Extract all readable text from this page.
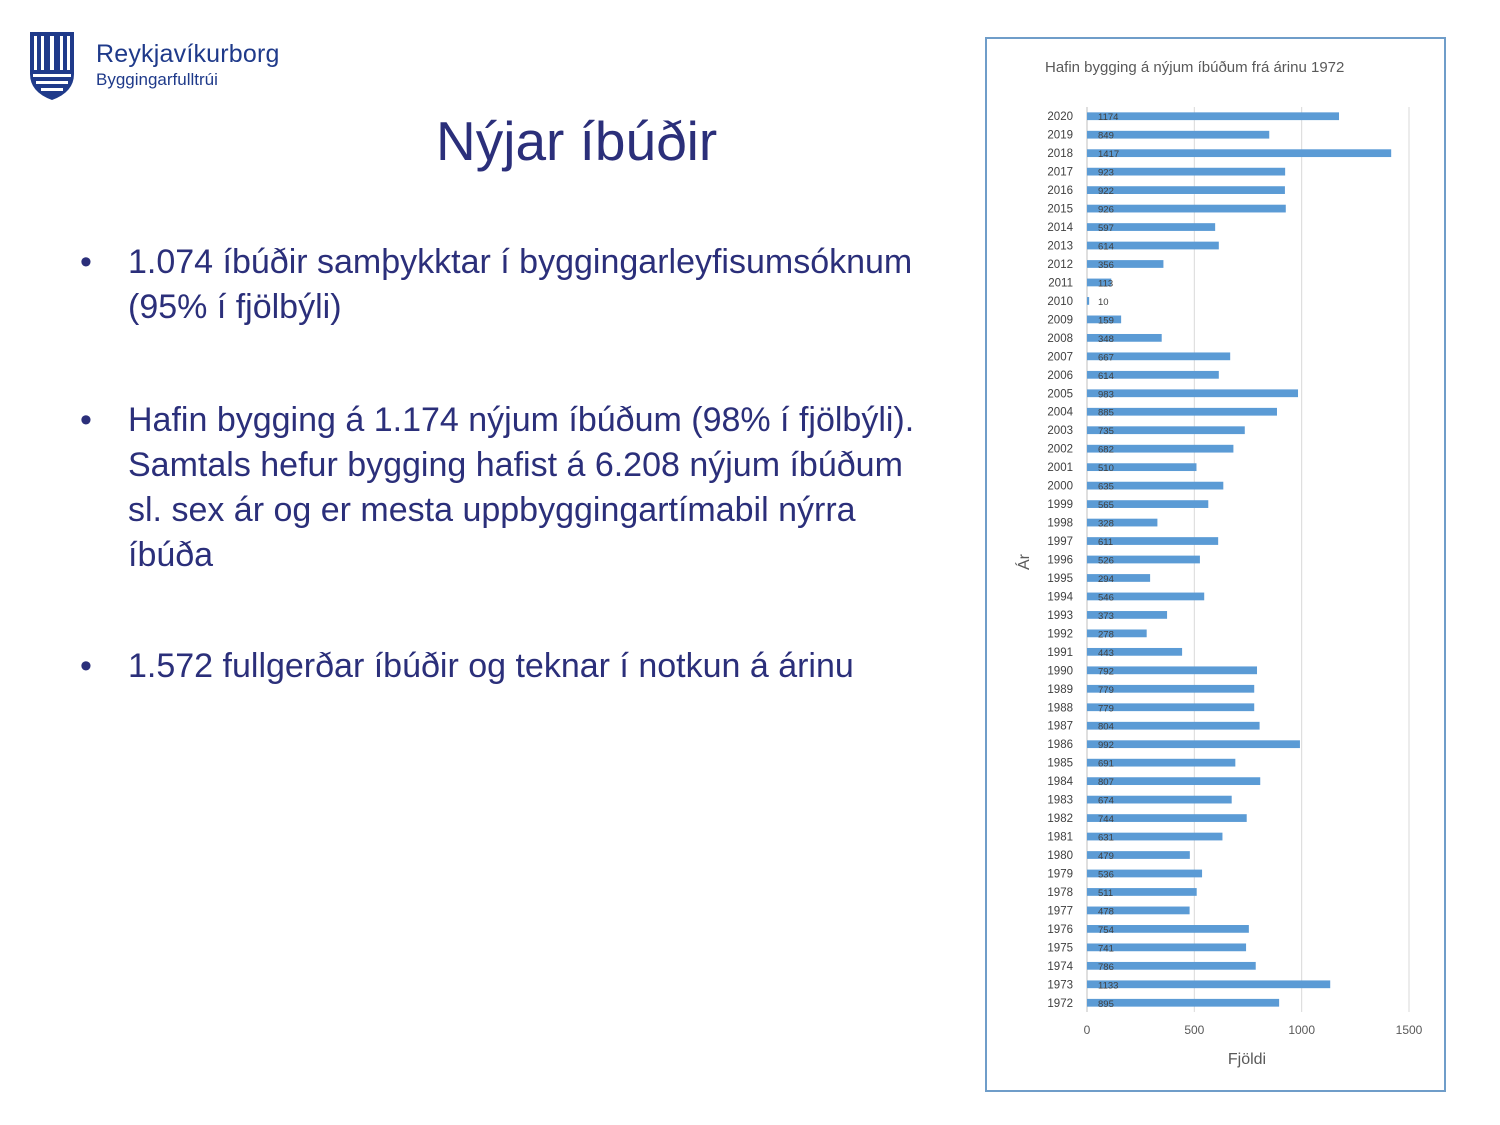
Reykjavíkurborg
Byggingarfulltrúi
Nýjar íbúðir
• 1.074 íbúðir samþykktar í byggingarleyfisumsóknum
(95% í fjölbýli)
• Hafin bygging á 1.174 nýjum íbúðum (98% í fjölbýli).
Samtals hefur bygging hafist á 6.208 nýjum íbúðum
sl. sex ár og er mesta uppbyggingartímabil nýrra
íbúða
• 1.572 fullgerðar íbúðir og teknar í notkun á árinu
Hafin bygging á nýjum íbúðum frá árinu 1972
Fjöldi
Ár
0	500	1000	1500
2020	1174
2019	849
2018	1417
2017	923
2016	922
2015	926
2014	597
2013	614
2012	356
2011	113
2010	10
2009	159
2008	348
2007	667
2006	614
2005	983
2004	885
2003	735
2002	682
2001	510
2000	635
1999	565
1998	328
1997	611
1996	526
1995	294
1994	546
1993	373
1992	278
1991	443
1990	792
1989	779
1988	779
1987	804
1986	992
1985	691
1984	807
1983	674
1982	744
1981	631
1980	479
1979	536
1978	511
1977	478
1976	754
1975	741
1974	786
1973	1133
1972	895
